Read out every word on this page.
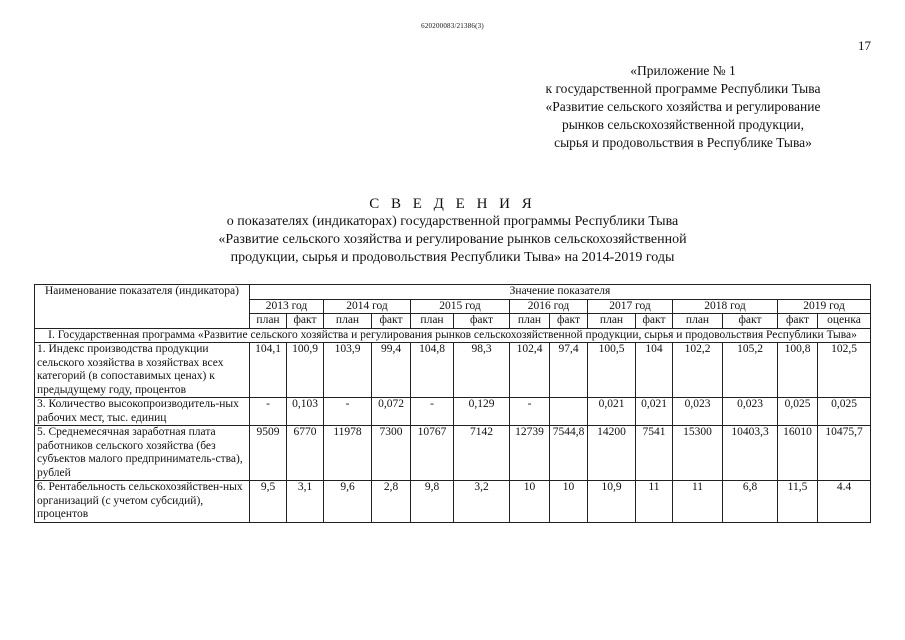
620200083/21386(3)
17
«Приложение № 1
к государственной программе Республики Тыва
«Развитие сельского хозяйства и регулирование
рынков сельскохозяйственной продукции,
сырья и продовольствия в Республике Тыва»
С В Е Д Е Н И Я
о показателях (индикаторах) государственной программы Республики Тыва
«Развитие сельского хозяйства и регулирование рынков сельскохозяйственной
продукции, сырья и продовольствия Республики Тыва» на 2014-2019 годы
Наименование показателя (индикатора)	Значение показателя													
	2013 год		2014 год		2015 год		2016 год		2017 год		2018 год		2019 год	
	план	факт	план	факт	план	факт	план	факт	план	факт	план	факт	факт	оценка
I. Государственная программа «Развитие сельского хозяйства и регулирования рынков сельскохозяйственной продукции, сырья и продовольствия Республики Тыва»														
1. Индекс производства продукции сельского хозяйства в хозяйствах всех категорий (в сопоставимых ценах) к предыдущему году, процентов	104,1	100,9	103,9	99,4	104,8	98,3	102,4	97,4	100,5	104	102,2	105,2	100,8	102,5
3. Количество высокопроизводитель-ных рабочих мест, тыс. единиц	-	0,103	-	0,072	-	0,129	-		0,021	0,021	0,023	0,023	0,025	0,025
5. Среднемесячная заработная плата работников сельского хозяйства (без субъектов малого предприниматель-ства), рублей	9509	6770	11978	7300	10767	7142	12739	7544,8	14200	7541	15300	10403,3	16010	10475,7
6. Рентабельность сельскохозяйствен-ных организаций (с учетом субсидий), процентов	9,5	3,1	9,6	2,8	9,8	3,2	10	10	10,9	11	11	6,8	11,5	4.4
